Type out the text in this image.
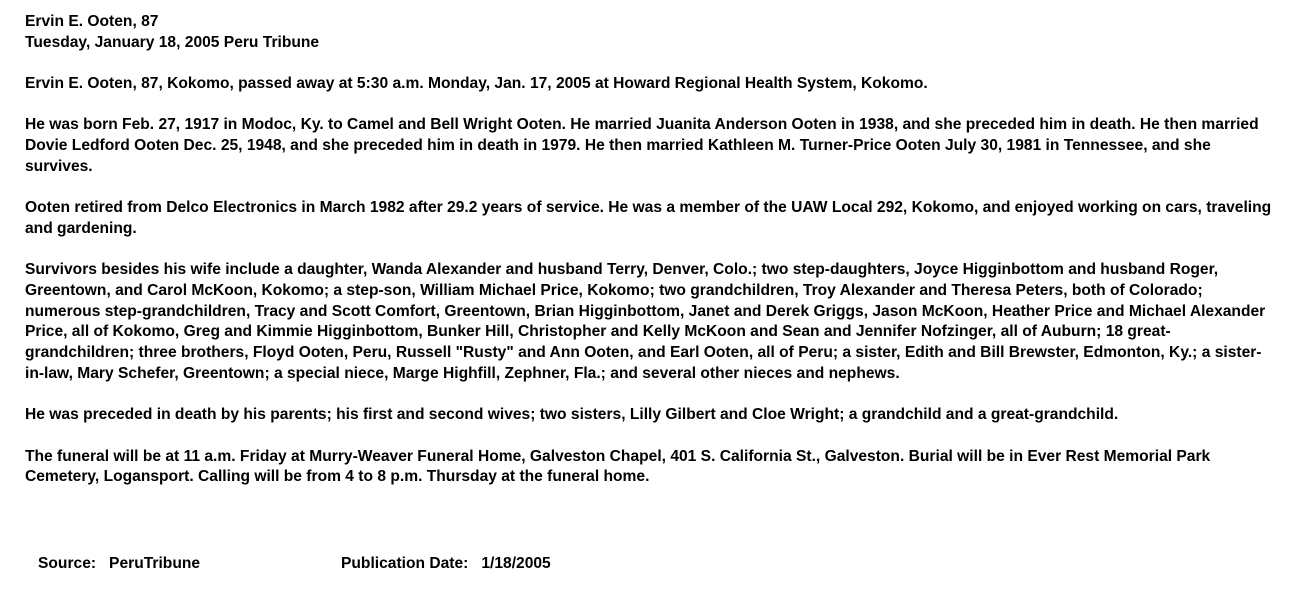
Ervin E. Ooten, 87
Tuesday, January 18, 2005 Peru Tribune

Ervin E. Ooten, 87, Kokomo, passed away at 5:30 a.m. Monday, Jan. 17, 2005 at Howard Regional Health System, Kokomo.

He was born Feb. 27, 1917 in Modoc, Ky. to Camel and Bell Wright Ooten. He married Juanita Anderson Ooten in 1938, and she preceded him in death. He then married Dovie Ledford Ooten Dec. 25, 1948, and she preceded him in death in 1979. He then married Kathleen M. Turner-Price Ooten July 30, 1981 in Tennessee, and she survives.

Ooten retired from Delco Electronics in March 1982 after 29.2 years of service. He was a member of the UAW Local 292, Kokomo, and enjoyed working on cars, traveling and gardening.

Survivors besides his wife include a daughter, Wanda Alexander and husband Terry, Denver, Colo.; two step-daughters, Joyce Higginbottom and husband Roger, Greentown, and Carol McKoon, Kokomo; a step-son, William Michael Price, Kokomo; two grandchildren, Troy Alexander and Theresa Peters, both of Colorado; numerous step-grandchildren, Tracy and Scott Comfort, Greentown, Brian Higginbottom, Janet and Derek Griggs, Jason McKoon, Heather Price and Michael Alexander Price, all of Kokomo, Greg and Kimmie Higginbottom, Bunker Hill, Christopher and Kelly McKoon and Sean and Jennifer Nofzinger, all of Auburn; 18 great-grandchildren; three brothers, Floyd Ooten, Peru, Russell "Rusty" and Ann Ooten, and Earl Ooten, all of Peru; a sister, Edith and Bill Brewster, Edmonton, Ky.; a sister-in-law, Mary Schefer, Greentown; a special niece, Marge Highfill, Zephner, Fla.; and several other nieces and nephews.

He was preceded in death by his parents; his first and second wives; two sisters, Lilly Gilbert and Cloe Wright; a grandchild and a great-grandchild.

The funeral will be at 11 a.m. Friday at Murry-Weaver Funeral Home, Galveston Chapel, 401 S. California St., Galveston. Burial will be in Ever Rest Memorial Park Cemetery, Logansport. Calling will be from 4 to 8 p.m. Thursday at the funeral home.

Source:   PeruTribune	Publication Date:   1/18/2005
